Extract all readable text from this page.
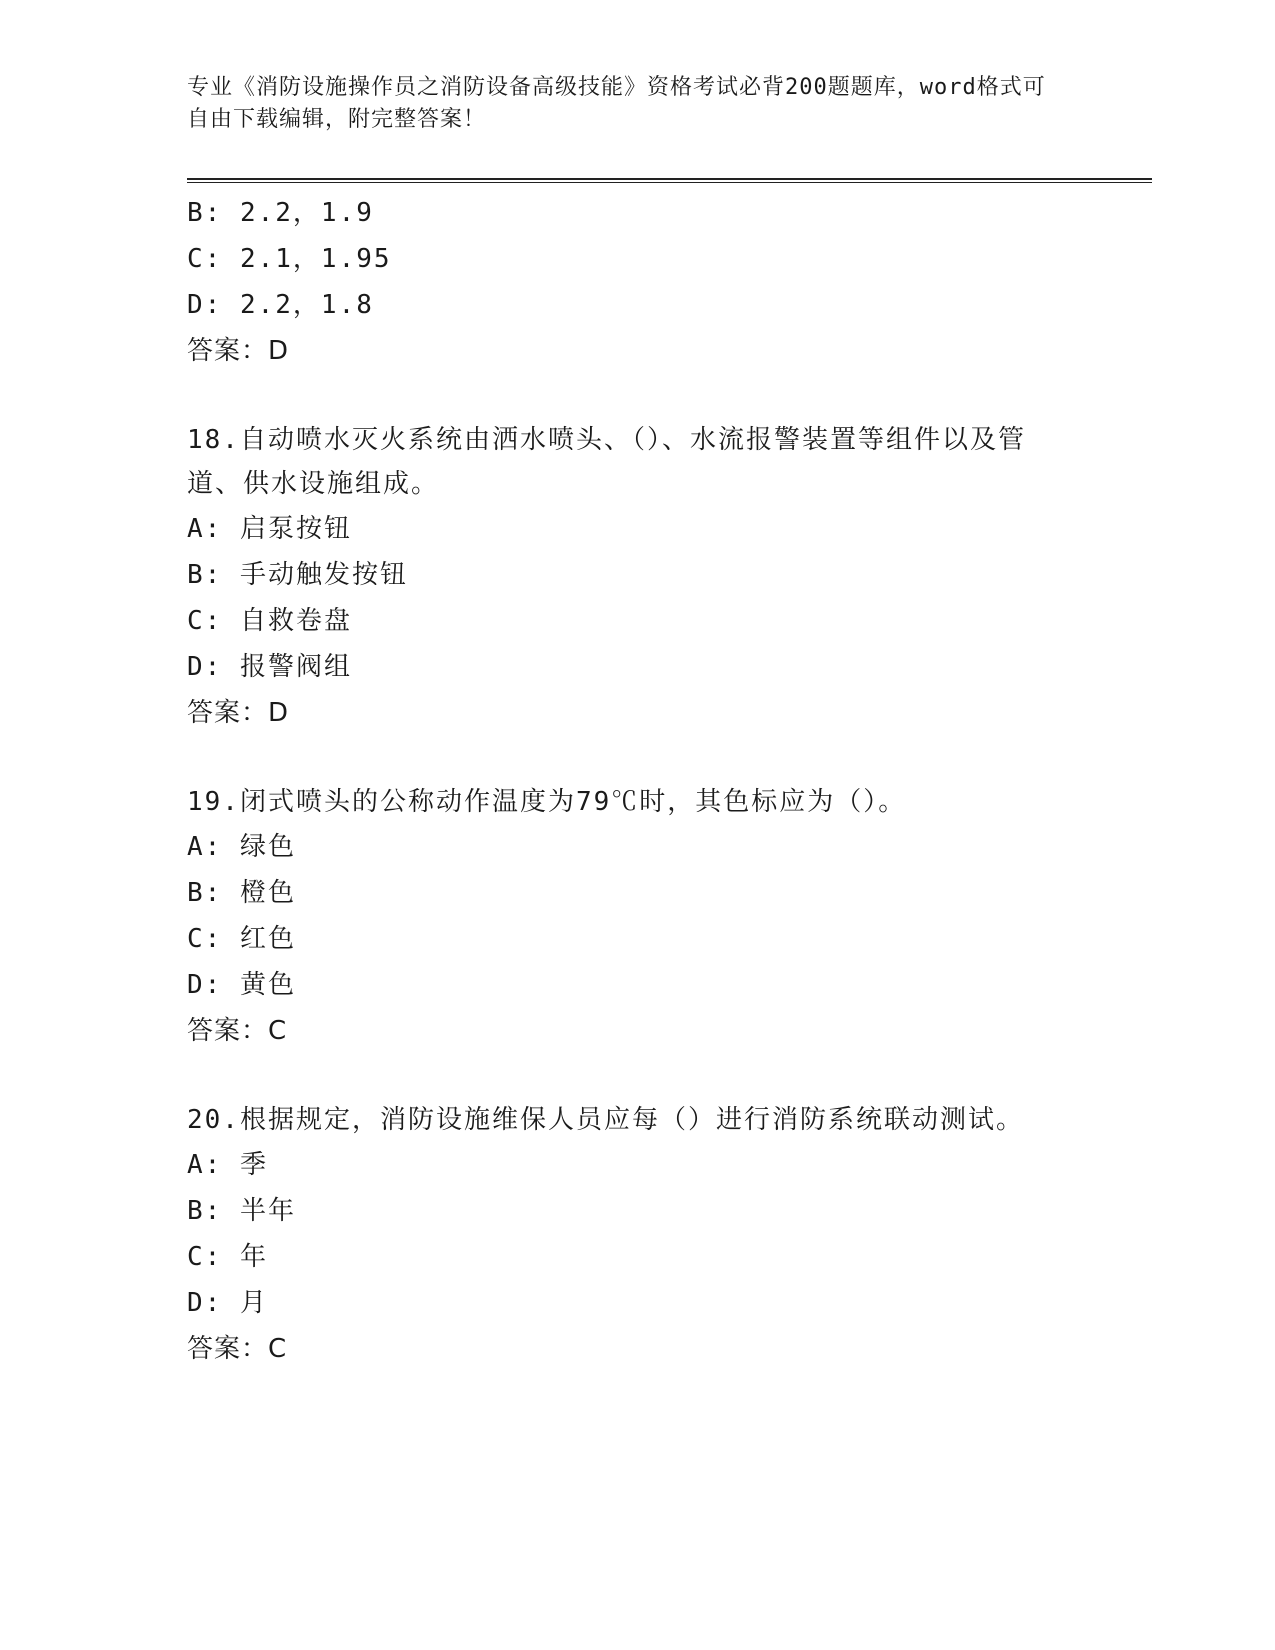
专业《消防设施操作员之消防设备高级技能》资格考试必背200题题库，word格式可自由下载编辑，附完整答案！
B: 2.2，1.9
C: 2.1，1.95
D: 2.2，1.8
答案：D
18.自动喷水灭火系统由洒水喷头、（）、水流报警装置等组件以及管道、供水设施组成。
A: 启泵按钮
B: 手动触发按钮
C: 自救卷盘
D: 报警阀组
答案：D
19.闭式喷头的公称动作温度为79℃时，其色标应为（）。
A: 绿色
B: 橙色
C: 红色
D: 黄色
答案：C
20.根据规定，消防设施维保人员应每（）进行消防系统联动测试。
A: 季
B: 半年
C: 年
D: 月
答案：C
